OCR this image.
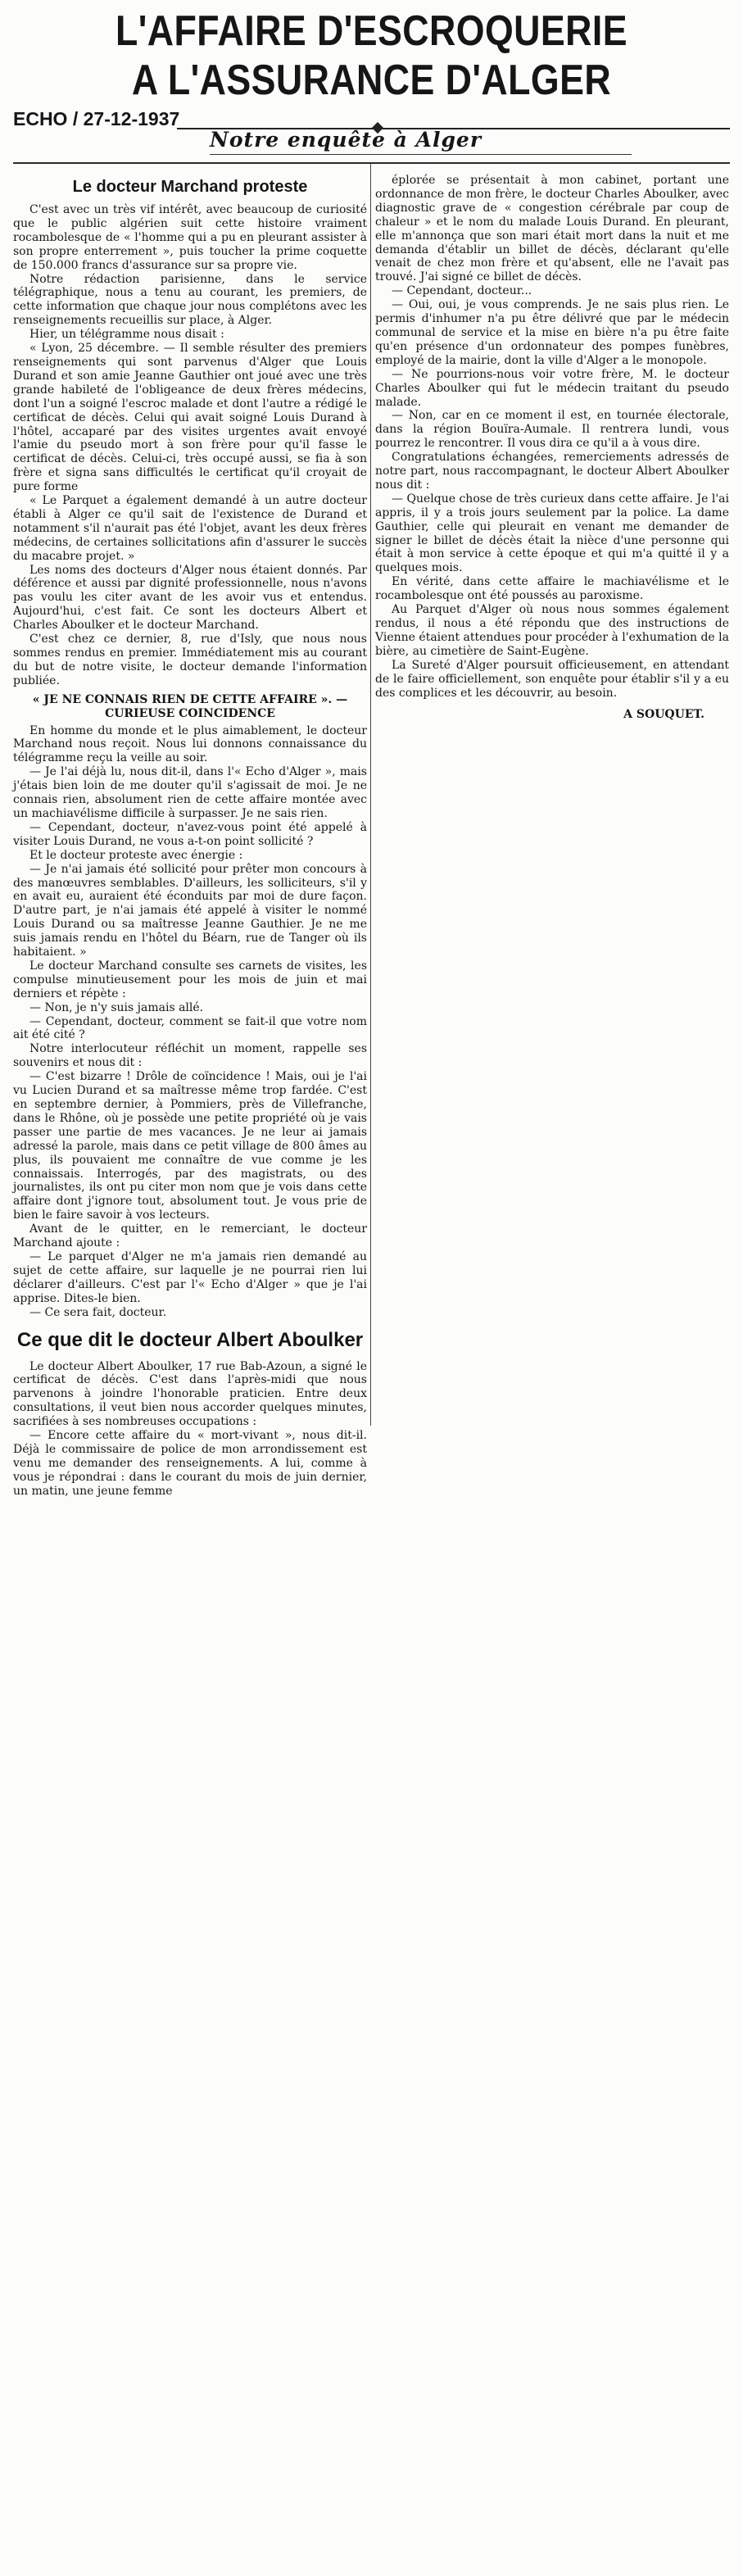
L'AFFAIRE D'ESCROQUERIE
A L'ASSURANCE D'ALGER
ECHO / 27-12-1937
Notre enquête à Alger
Le docteur Marchand proteste

C'est avec un très vif intérêt, avec beaucoup de curiosité que le public algérien suit cette histoire vraiment rocambolesque de « l'homme qui a pu en pleurant assister à son propre enterrement », puis toucher la prime coquette de 150.000 francs d'assurance sur sa propre vie.

Notre rédaction parisienne, dans le service télégraphique, nous a tenu au courant, les premiers, de cette information que chaque jour nous complétons avec les renseignements recueillis sur place, à Alger.

Hier, un télégramme nous disait :

« Lyon, 25 décembre. — Il semble résulter des premiers renseignements qui sont parvenus d'Alger que Louis Durand et son amie Jeanne Gauthier ont joué avec une très grande habileté de l'obligeance de deux frères médecins, dont l'un a soigné l'escroc malade et dont l'autre a rédigé le certificat de décès. Celui qui avait soigné Louis Durand à l'hôtel, accaparé par des visites urgentes avait envoyé l'amie du pseudo mort à son frère pour qu'il fasse le certificat de décès. Celui-ci, très occupé aussi, se fia à son frère et signa sans difficultés le certificat qu'il croyait de pure forme

« Le Parquet a également demandé à un autre docteur établi à Alger ce qu'il sait de l'existence de Durand et notamment s'il n'aurait pas été l'objet, avant les deux frères médecins, de certaines sollicitations afin d'assurer le succès du macabre projet. »

Les noms des docteurs d'Alger nous étaient donnés. Par déférence et aussi par dignité professionnelle, nous n'avons pas voulu les citer avant de les avoir vus et entendus. Aujourd'hui, c'est fait. Ce sont les docteurs Albert et Charles Aboulker et le docteur Marchand.

C'est chez ce dernier, 8, rue d'Isly, que nous nous sommes rendus en premier. Immédiatement mis au courant du but de notre visite, le docteur demande l'information publiée.

« JE NE CONNAIS RIEN DE CETTE AFFAIRE ». — CURIEUSE COINCIDENCE

En homme du monde et le plus aimablement, le docteur Marchand nous reçoit. Nous lui donnons connaissance du télégramme reçu la veille au soir.

— Je l'ai déjà lu, nous dit-il, dans l'« Echo d'Alger », mais j'étais bien loin de me douter qu'il s'agissait de moi. Je ne connais rien, absolument rien de cette affaire montée avec un machiavélisme difficile à surpasser. Je ne sais rien.

— Cependant, docteur, n'avez-vous point été appelé à visiter Louis Durand, ne vous a-t-on point sollicité ?

Et le docteur proteste avec énergie :

— Je n'ai jamais été sollicité pour prêter mon concours à des manœuvres semblables. D'ailleurs, les solliciteurs, s'il y en avait eu, auraient été éconduits par moi de dure façon. D'autre part, je n'ai jamais été appelé à visiter le nommé Louis Durand ou sa maîtresse Jeanne Gauthier. Je ne me suis jamais rendu en l'hôtel du Béarn, rue de Tanger où ils habitaient. »

Le docteur Marchand consulte ses carnets de visites, les compulse minutieusement pour les mois de juin et mai derniers et répète :

— Non, je n'y suis jamais allé.

— Cependant, docteur, comment se fait-il que votre nom ait été cité ?

Notre interlocuteur réfléchit un moment, rappelle ses souvenirs et nous dit :

— C'est bizarre ! Drôle de coïncidence ! Mais, oui je l'ai vu Lucien Durand et sa maîtresse même trop fardée. C'est en septembre dernier, à Pommiers, près de Villefranche, dans le Rhône, où je possède une petite propriété où je vais passer une partie de mes vacances. Je ne leur ai jamais adressé la parole, mais dans ce petit village de 800 âmes au plus, ils pouvaient me connaître de vue comme je les connaissais. Interrogés, par des magistrats, ou des journalistes, ils ont pu citer mon nom que je vois dans cette affaire dont j'ignore tout, absolument tout. Je vous prie de bien le faire savoir à vos lecteurs.

Avant de le quitter, en le remerciant, le docteur Marchand ajoute :

— Le parquet d'Alger ne m'a jamais rien demandé au sujet de cette affaire, sur laquelle je ne pourrai rien lui déclarer d'ailleurs. C'est par l'« Echo d'Alger » que je l'ai apprise. Dites-le bien.

— Ce sera fait, docteur.

Ce que dit le docteur Albert Aboulker

Le docteur Albert Aboulker, 17 rue Bab-Azoun, a signé le certificat de décès. C'est dans l'après-midi que nous parvenons à joindre l'honorable praticien. Entre deux consultations, il veut bien nous accorder quelques minutes, sacrifiées à ses nombreuses occupations :

— Encore cette affaire du « mort-vivant », nous dit-il. Déjà le commissaire de police de mon arrondissement est venu me demander des renseignements. A lui, comme à vous je répondrai : dans le courant du mois de juin dernier, un matin, une jeune femme

éplorée se présentait à mon cabinet, portant une ordonnance de mon frère, le docteur Charles Aboulker, avec diagnostic grave de « congestion cérébrale par coup de chaleur » et le nom du malade Louis Durand. En pleurant, elle m'annonça que son mari était mort dans la nuit et me demanda d'établir un billet de décès, déclarant qu'elle venait de chez mon frère et qu'absent, elle ne l'avait pas trouvé. J'ai signé ce billet de décès.

— Cependant, docteur...

— Oui, oui, je vous comprends. Je ne sais plus rien. Le permis d'inhumer n'a pu être délivré que par le médecin communal de service et la mise en bière n'a pu être faite qu'en présence d'un ordonnateur des pompes funèbres, employé de la mairie, dont la ville d'Alger a le monopole.

— Ne pourrions-nous voir votre frère, M. le docteur Charles Aboulker qui fut le médecin traitant du pseudo malade.

— Non, car en ce moment il est, en tournée électorale, dans la région Bouïra-Aumale. Il rentrera lundi, vous pourrez le rencontrer. Il vous dira ce qu'il a à vous dire.

Congratulations échangées, remerciements adressés de notre part, nous raccompagnant, le docteur Albert Aboulker nous dit :

— Quelque chose de très curieux dans cette affaire. Je l'ai appris, il y a trois jours seulement par la police. La dame Gauthier, celle qui pleurait en venant me demander de signer le billet de décès était la nièce d'une personne qui était à mon service à cette époque et qui m'a quitté il y a quelques mois.

En vérité, dans cette affaire le machiavélisme et le rocambolesque ont été poussés au paroxisme.

Au Parquet d'Alger où nous nous sommes également rendus, il nous a été répondu que des instructions de Vienne étaient attendues pour procéder à l'exhumation de la bière, au cimetière de Saint-Eugène.

La Sureté d'Alger poursuit officieusement, en attendant de le faire officiellement, son enquête pour établir s'il y a eu des complices et les découvrir, au besoin.

A SOUQUET.
